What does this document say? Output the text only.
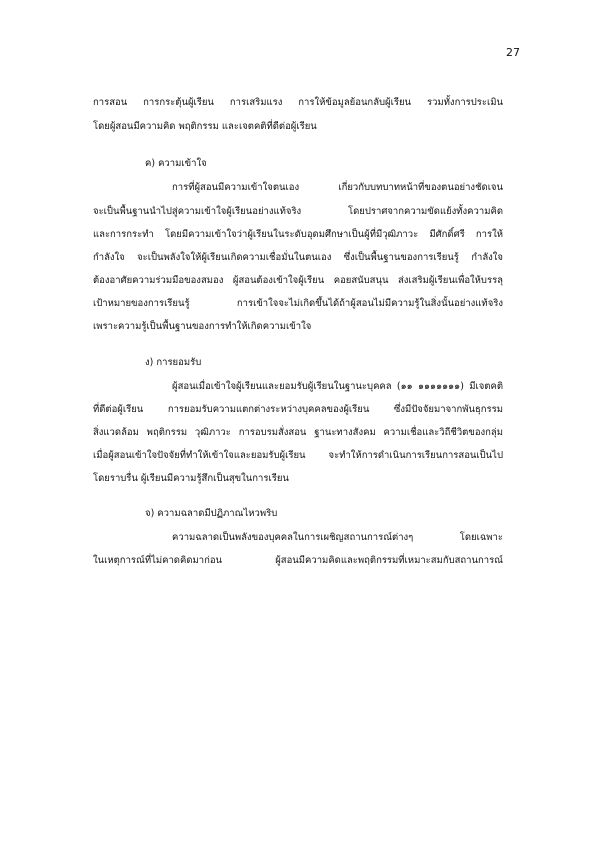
27
การสอน การกระตุ้นผู้เรียน การเสริมแรง การให้ข้อมูลย้อนกลับผู้เรียน รวมทั้งการประเมิน
โดยผู้สอนมีความคิด พฤติกรรม และเจตคติที่ดีต่อผู้เรียน
ค) ความเข้าใจ
การที่ผู้สอนมีความเข้าใจตนเอง เกี่ยวกับบทบาทหน้าที่ของตนอย่างชัดเจน
จะเป็นพื้นฐานนำไปสู่ความเข้าใจผู้เรียนอย่างแท้จริง โดยปราศจากความขัดแย้งทั้งความคิด
และการกระทำ โดยมีความเข้าใจว่าผู้เรียนในระดับอุดมศึกษาเป็นผู้ที่มีวุฒิภาวะ มีศักดิ์ศรี การให้
กำลังใจ จะเป็นพลังใจให้ผู้เรียนเกิดความเชื่อมั่นในตนเอง ซึ่งเป็นพื้นฐานของการเรียนรู้ กำลังใจ
ต้องอาศัยความร่วมมือของสมอง ผู้สอนต้องเข้าใจผู้เรียน คอยสนับสนุน ส่งเสริมผู้เรียนเพื่อให้บรรลุ
เป้าหมายของการเรียนรู้ การเข้าใจจะไม่เกิดขึ้นได้ถ้าผู้สอนไม่มีความรู้ในสิ่งนั้นอย่างแท้จริง
เพราะความรู้เป็นพื้นฐานของการทำให้เกิดความเข้าใจ
ง) การยอมรับ
ผู้สอนเมื่อเข้าใจผู้เรียนและยอมรับผู้เรียนในฐานะบุคคล (๑๑ ๑๑๑๑๑๑๑) มีเจตคติ
ที่ดีต่อผู้เรียน การยอมรับความแตกต่างระหว่างบุคคลของผู้เรียน ซึ่งมีปัจจัยมาจากพันธุกรรม
สิ่งแวดล้อม พฤติกรรม วุฒิภาวะ การอบรมสั่งสอน ฐานะทางสังคม ความเชื่อและวิถีชีวิตของกลุ่ม
เมื่อผู้สอนเข้าใจปัจจัยที่ทำให้เข้าใจและยอมรับผู้เรียน จะทำให้การดำเนินการเรียนการสอนเป็นไป
โดยราบรื่น ผู้เรียนมีความรู้สึกเป็นสุขในการเรียน
จ) ความฉลาดมีปฏิภาณไหวพริบ
ความฉลาดเป็นพลังของบุคคลในการเผชิญสถานการณ์ต่างๆ โดยเฉพาะ
ในเหตุการณ์ที่ไม่คาดคิดมาก่อน ผู้สอนมีความคิดและพฤติกรรมที่เหมาะสมกับสถานการณ์
